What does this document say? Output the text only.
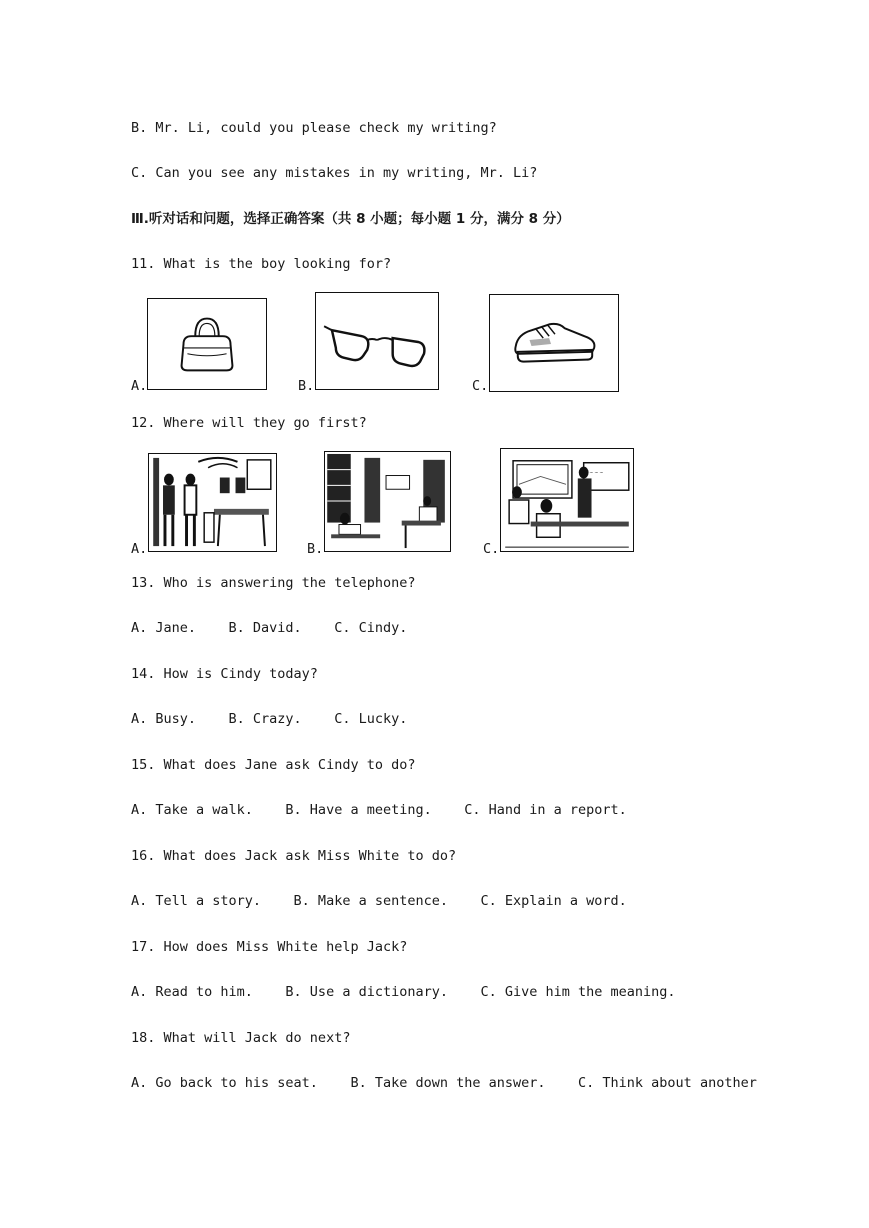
B. Mr. Li, could you please check my writing?
C. Can you see any mistakes in my writing, Mr. Li?
Ⅲ.听对话和问题，选择正确答案（共 8 小题；每小题 1 分，满分 8 分）
11. What is the boy looking for?
A.	B.	C.
12. Where will they go first?
A.	B.	C.
~ ~ ~
13. Who is answering the telephone?
A. Jane.    B. David.    C. Cindy.
14. How is Cindy today?
A. Busy.    B. Crazy.    C. Lucky.
15. What does Jane ask Cindy to do?
A. Take a walk.    B. Have a meeting.    C. Hand in a report.
16. What does Jack ask Miss White to do?
A. Tell a story.    B. Make a sentence.    C. Explain a word.
17. How does Miss White help Jack?
A. Read to him.    B. Use a dictionary.    C. Give him the meaning.
18. What will Jack do next?
A. Go back to his seat.    B. Take down the answer.    C. Think about another
